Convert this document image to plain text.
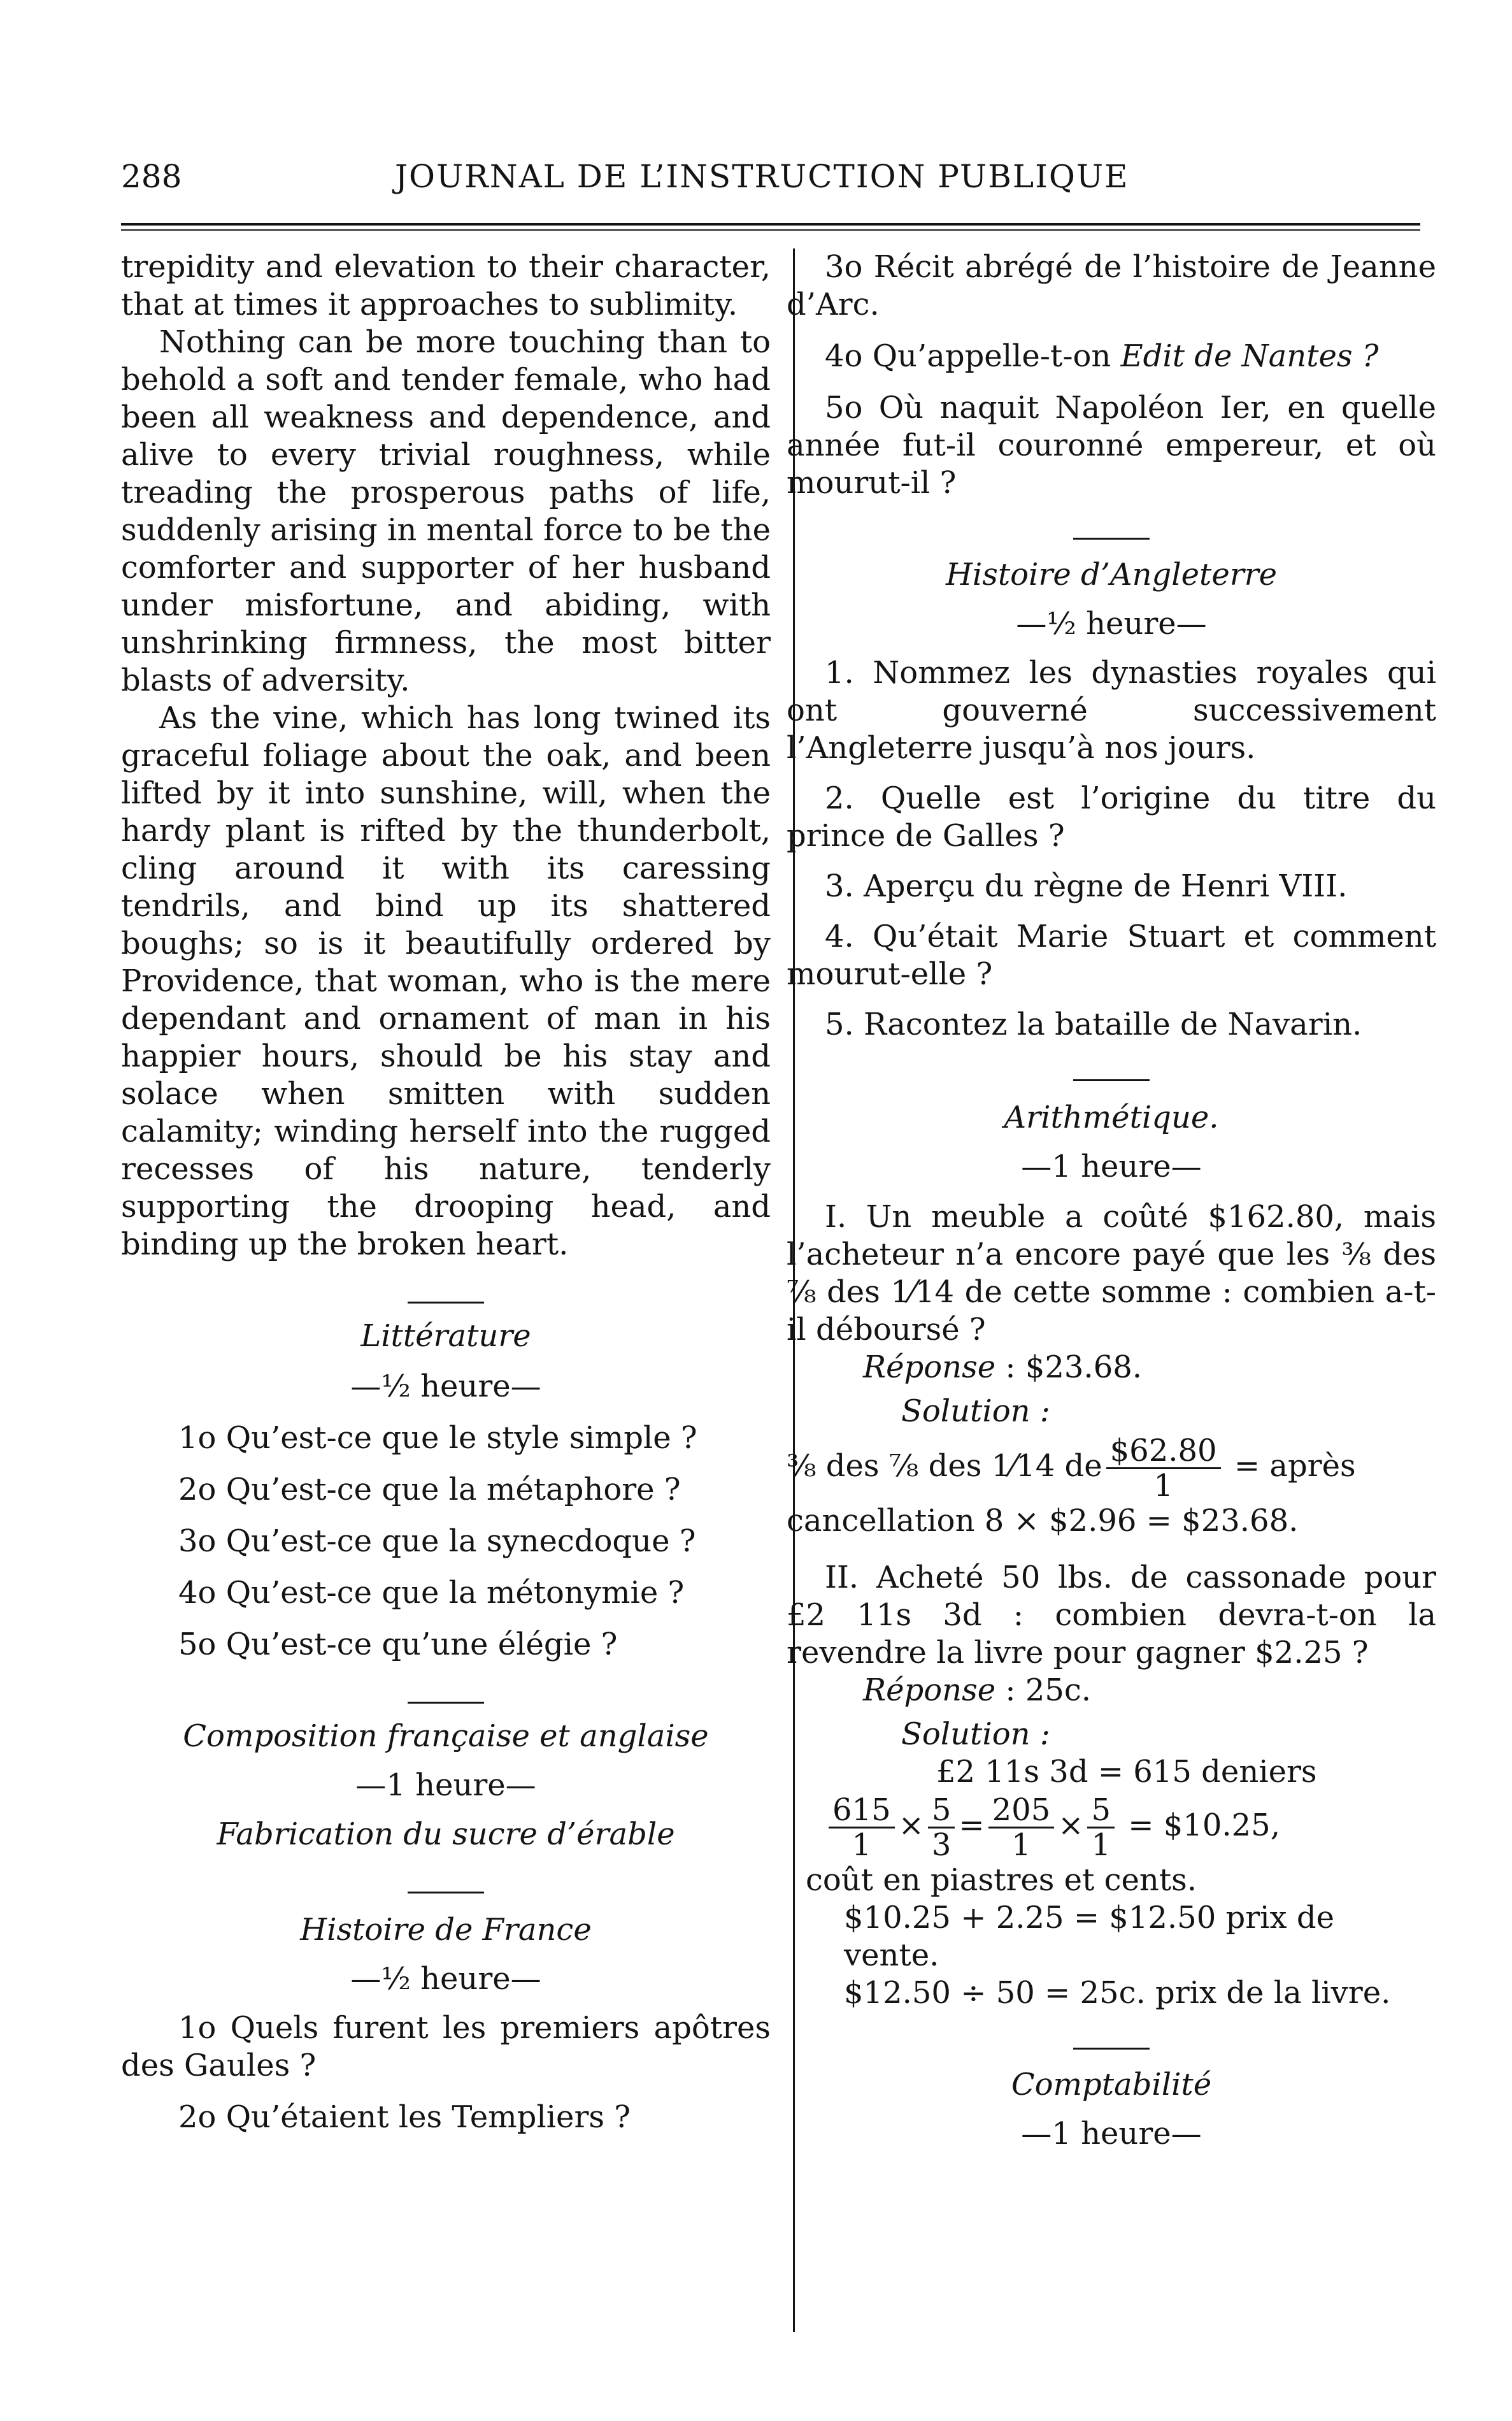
288	JOURNAL DE L’INSTRUCTION PUBLIQUE

trepidity and elevation to their character, that at times it approaches to sublimity.

Nothing can be more touching than to behold a soft and tender female, who had been all weakness and dependence, and alive to every trivial roughness, while treading the prosperous paths of life, suddenly arising in mental force to be the comforter and supporter of her husband under misfortune, and abiding, with unshrinking firmness, the most bitter blasts of adversity.

As the vine, which has long twined its graceful foliage about the oak, and been lifted by it into sunshine, will, when the hardy plant is rifted by the thunderbolt, cling around it with its caressing tendrils, and bind up its shattered boughs; so is it beautifully ordered by Providence, that woman, who is the mere dependant and ornament of man in his happier hours, should be his stay and solace when smitten with sudden calamity; winding herself into the rugged recesses of his nature, tenderly supporting the drooping head, and binding up the broken heart.

Littérature

—½ heure—

1o Qu’est-ce que le style simple ?

2o Qu’est-ce que la métaphore ?

3o Qu’est-ce que la synecdoque ?

4o Qu’est-ce que la métonymie ?

5o Qu’est-ce qu’une élégie ?

Composition française et anglaise

—1 heure—

Fabrication du sucre d’érable

Histoire de France

—½ heure—

1o Quels furent les premiers apôtres des Gaules ?

2o Qu’étaient les Templiers ?

3o Récit abrégé de l’histoire de Jeanne d’Arc.

4o Qu’appelle-t-on Edit de Nantes ?

5o Où naquit Napoléon Ier, en quelle année fut-il couronné empereur, et où mourut-il ?

Histoire d’Angleterre

—½ heure—

1. Nommez les dynasties royales qui ont gouverné successivement l’Angleterre jusqu’à nos jours.

2. Quelle est l’origine du titre du prince de Galles ?

3. Aperçu du règne de Henri VIII.

4. Qu’était Marie Stuart et comment mourut-elle ?

5. Racontez la bataille de Navarin.

Arithmétique.

—1 heure—

I. Un meuble a coûté $162.80, mais l’acheteur n’a encore payé que les ⅜ des ⅞ des 1⁄14 de cette somme : combien a-t-il déboursé ?

Réponse : $23.68.

Solution :

⅜ des ⅞ des 1⁄14 de $\frac{\$62.80}{1}$ = après cancellation 8 × $2.96 = $23.68.

II. Acheté 50 lbs. de cassonade pour £2 11s 3d : combien devra-t-on la revendre la livre pour gagner $2.25 ?

Réponse : 25c.

Solution :

£2 11s 3d = 615 deniers

$\frac{615}{1} \times \frac{5}{3} = \frac{205}{1} \times \frac{5}{1}$ = $10.25,

coût en piastres et cents.

$10.25 + 2.25 = $12.50 prix de vente.

$12.50 ÷ 50 = 25c. prix de la livre.

Comptabilité

—1 heure—
